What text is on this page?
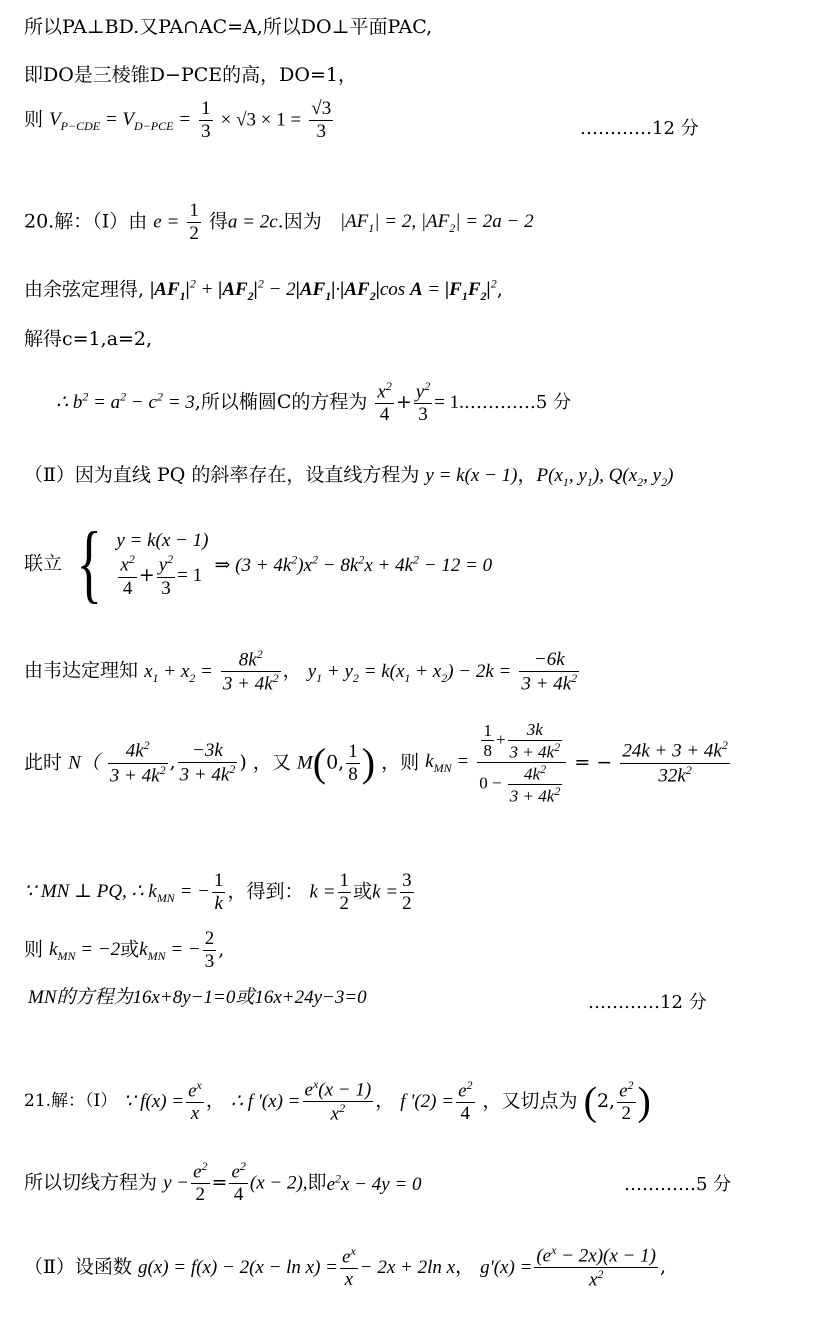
所以PA⊥BD.又PA∩AC=A,所以DO⊥平面PAC,
即DO是三棱锥D−PCE的高，DO=1，
则 $V_{P-CDE} = V_{D-PCE} = \frac{1}{3} \times √3 \times 1 = \frac{√3}{3}$	…………12 分
20.解：（Ⅰ）由 $e = \frac{1}{2}$ 得a = 2c.因为   $|AF_1| = 2$, $|AF_2| = 2a - 2$
由余弦定理得, $|AF_1|^2 + |AF_2|^2 - 2|AF_1|\cdot|AF_2|\cos$ $A = |F_1F_2|^2$,
解得c=1,a=2,
∴ $b^2 = a^2 - c^2 = 3$,所以椭圆C的方程为 $\frac{x^2}{4} + \frac{y^2}{3}$ = 1.…………5 分
（Ⅱ）因为直线 PQ 的斜率存在，设直线方程为 y = k(x − 1)，$P(x_1$, $y_1$), $Q(x_2$, $y_2$)
联立 { y = k(x − 1)
$\frac{x^2}{4} + \frac{y^2}{3} = 1$
⇒ $(3 + 4k^2)x^2 - 8k^2x + 4k^2 - 12 = 0$
由韦达定理知 $x_1 + x_2 = \frac{8k^2}{3 + 4k^2}$ ， $y_1 + y_2 = k(x_1 + x_2) - 2k = \frac{-6k}{3 + 4k^2}$
此时 $N( \frac{4k^2}{3 + 4k^2}$ , $\frac{-3k}{3 + 4k^2}$ ) ，又 M(0, $\frac{1}{8}$ ) ，则 $k_{MN} = \frac{\frac{1}{8} + \frac{3k}{3 + 4k^2}}{0 - \frac{4k^2}{3 + 4k^2}}$ = − $\frac{24k + 3 + 4k^2}{32k^2}$
∵ MN ⊥ PQ, ∴ $k_{MN}$ = − $\frac{1}{k}$ ，得到： $k = \frac{1}{2}$ 或$k = \frac{3}{2}$
则 $k_{MN} = -2$或$k_{MN}$ = − $\frac{2}{3}$ ,
MN的方程为16x+8y−1=0或16x+24y−3=0	…………12 分
21.解：（Ⅰ） ∵ $f(x) = \frac{e^x}{x}$ ， ∴ f '$(x) = \frac{e^x(x - 1)}{x^2}$ ， f '$(2) = \frac{e^2}{4}$ ，又切点为 (2, $\frac{e^2}{2}$ )
所以切线方程为 $y - \frac{e^2}{2} = \frac{e^2}{4} (x - 2)$,即$e^2x - 4y = 0$	…………5 分
（Ⅱ）设函数 $g(x) = f(x) - 2(x - \ln x) = \frac{e^x}{x} - 2x + 2\ln$ x， $g'(x) = \frac{(e^x - 2x)(x - 1)}{x^2}$ ,
